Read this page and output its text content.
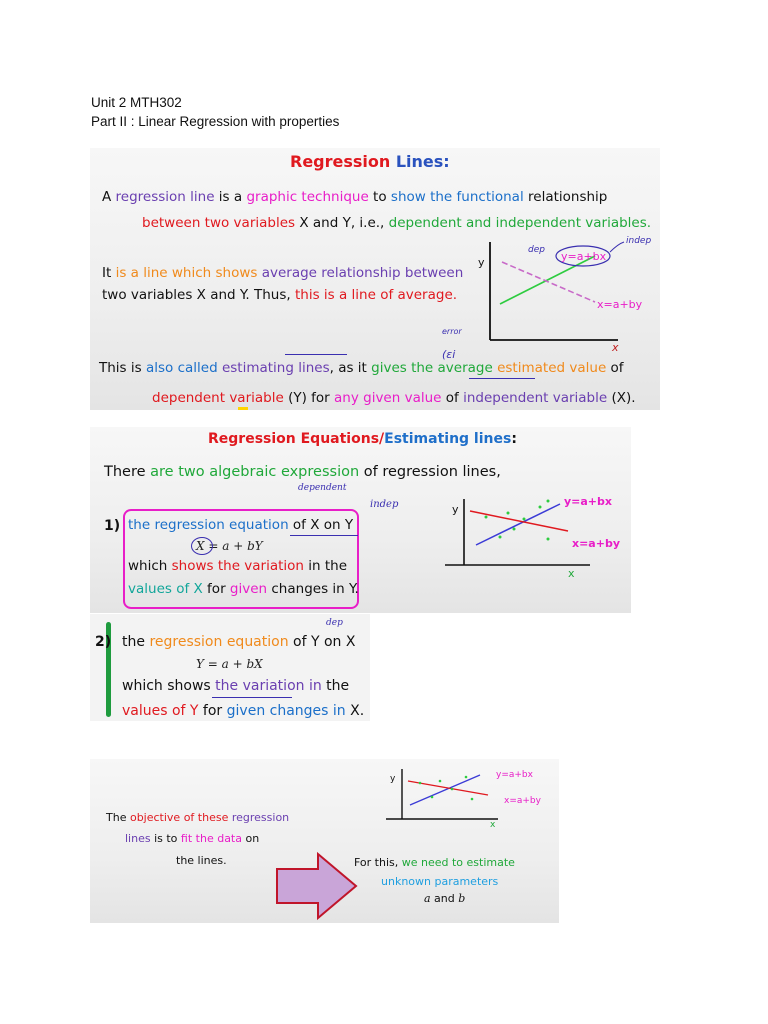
Unit 2 MTH302
Part II : Linear Regression with properties
Regression Lines:
A regression line is a graphic technique to show the functional relationship
between two variables X and Y, i.e., dependent and independent variables.
It is a line which shows average relationship between
two variables X and Y. Thus, this is a line of average.
This is also called estimating lines, as it gives the average estimated value of
dependent variable (Y) for any given value of independent variable (X).
y
x
y=a+bx
x=a+by
dep
indep
error
(εi
Regression Equations/Estimating lines:
There are two algebraic expression of regression lines,
1) the regression equation of X on Y
X = a + bY
which shows the variation in the
values of X for given changes in Y.
dependent
indep	y
x
y=a+bx
x=a+by
2) the regression equation of Y on X
Y = a + bX
which shows the variation in the
values of Y for given changes in X.
dep
The objective of these regression
lines is to fit the data on
the lines.	For this, we need to estimate
unknown parameters
a and b
y
x
y=a+bx
x=a+by
